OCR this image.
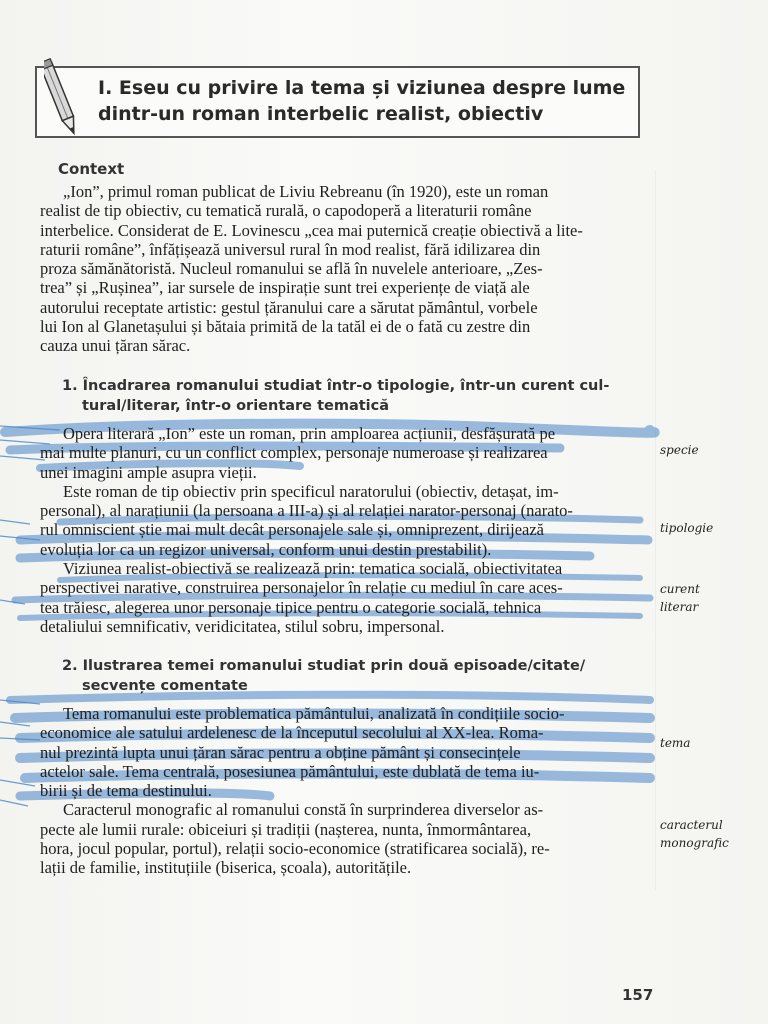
I. Eseu cu privire la tema și viziunea despre lume
dintr-un roman interbelic realist, obiectiv
Context

„Ion”, primul roman publicat de Liviu Rebreanu (în 1920), este un roman
realist de tip obiectiv, cu tematică rurală, o capodoperă a literaturii române
interbelice. Considerat de E. Lovinescu „cea mai puternică creație obiectivă a lite-
raturii române”, înfățișează universul rural în mod realist, fără idilizarea din
proza sămănătoristă. Nucleul romanului se află în nuvelele anterioare, „Zes-
trea” și „Rușinea”, iar sursele de inspirație sunt trei experiențe de viață ale
autorului receptate artistic: gestul țăranului care a sărutat pământul, vorbele
lui Ion al Glanetașului și bătaia primită de la tatăl ei de o fată cu zestre din
cauza unui țăran sărac.

1. Încadrarea romanului studiat într-o tipologie, într-un curent cul-
tural/literar, într-o orientare tematică

Opera literară „Ion” este un roman, prin amploarea acțiunii, desfășurată pe
mai multe planuri, cu un conflict complex, personaje numeroase și realizarea
unei imagini ample asupra vieții.
Este roman de tip obiectiv prin specificul naratorului (obiectiv, detașat, im-
personal), al narațiunii (la persoana a III-a) și al relației narator-personaj (narato-
rul omniscient știe mai mult decât personajele sale și, omniprezent, dirijează
evoluția lor ca un regizor universal, conform unui destin prestabilit).
Viziunea realist-obiectivă se realizează prin: tematica socială, obiectivitatea
perspectivei narative, construirea personajelor în relație cu mediul în care aces-
tea trăiesc, alegerea unor personaje tipice pentru o categorie socială, tehnica
detaliului semnificativ, veridicitatea, stilul sobru, impersonal.

2. Ilustrarea temei romanului studiat prin două episoade/citate/
secvențe comentate

Tema romanului este problematica pământului, analizată în condițiile socio-
economice ale satului ardelenesc de la începutul secolului al XX-lea. Roma-
nul prezintă lupta unui țăran sărac pentru a obține pământ și consecințele
actelor sale. Tema centrală, posesiunea pământului, este dublată de tema iu-
birii și de tema destinului.
Caracterul monografic al romanului constă în surprinderea diverselor as-
pecte ale lumii rurale: obiceiuri și tradiții (nașterea, nunta, înmormântarea,
hora, jocul popular, portul), relații socio-economice (stratificarea socială), re-
lații de familie, instituțiile (biserica, școala), autoritățile.

specie

tipologie

curent

literar

tema

caracterul

monografic

157
